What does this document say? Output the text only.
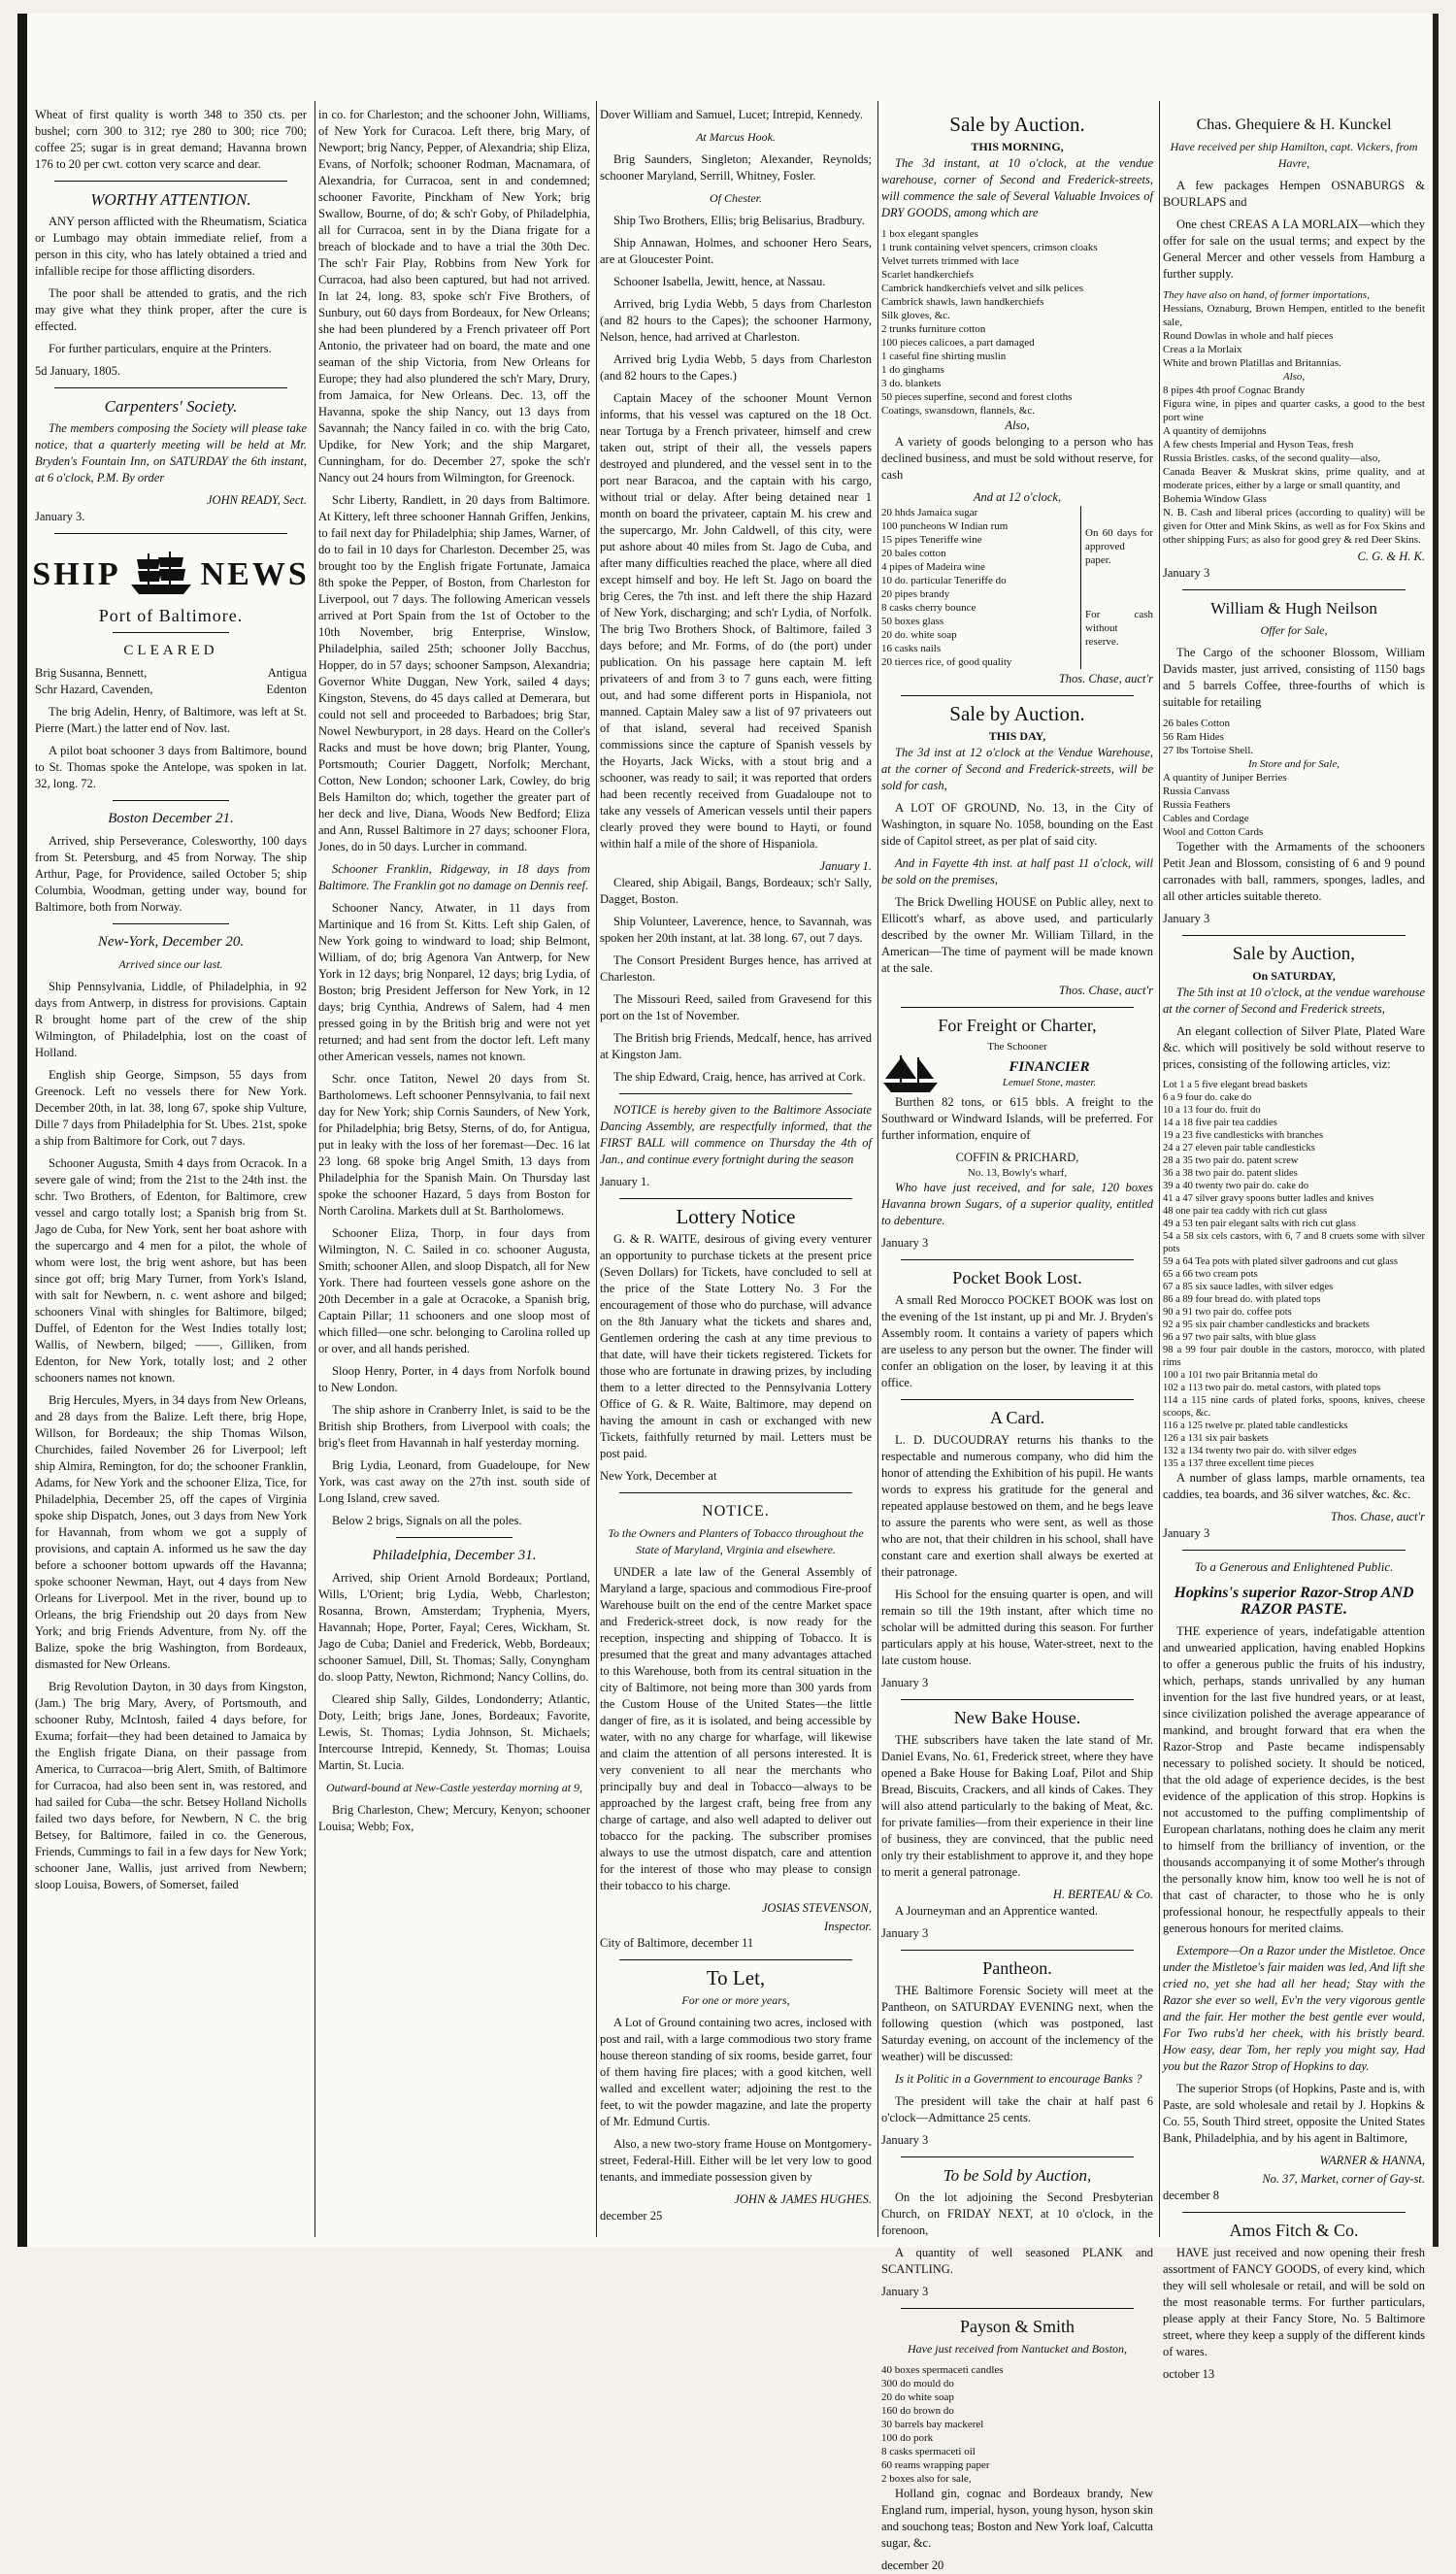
Wheat of first quality is worth 348 to 350 cts. per bushel; corn 300 to 312; rye 280 to 300; rice 700; coffee 25; sugar is in great demand; Havanna brown 176 to 20 per cwt. cotton very scarce and dear.

WORTHY ATTENTION.

ANY person afflicted with the Rheumatism, Sciatica or Lumbago may obtain immediate relief, from a person in this city, who has lately obtained a tried and infallible recipe for those afflicting disorders.

The poor shall be attended to gratis, and the rich may give what they think proper, after the cure is effected.

For further particulars, enquire at the Printers.

5d January, 1805.

Carpenters' Society.

The members composing the Society will please take notice, that a quarterly meeting will be held at Mr. Bryden's Fountain Inn, on SATURDAY the 6th instant, at 6 o'clock, P.M. By order

JOHN READY, Sect.

January 3.

SHIP NEWS
Port of Baltimore.
CLEARED
Brig Susanna, Bennett,	Antigua
Schr Hazard, Cavenden,	Edenton

The brig Adelin, Henry, of Baltimore, was left at St. Pierre (Mart.) the latter end of Nov. last.

A pilot boat schooner 3 days from Baltimore, bound to St. Thomas spoke the Antelope, was spoken in lat. 32, long. 72.

Boston December 21.

Arrived, ship Perseverance, Colesworthy, 100 days from St. Petersburg, and 45 from Norway. The ship Arthur, Page, for Providence, sailed October 5; ship Columbia, Woodman, getting under way, bound for Baltimore, both from Norway.

New-York, December 20.
Arrived since our last.

Ship Pennsylvania, Liddle, of Philadelphia, in 92 days from Antwerp, in distress for provisions. Captain R brought home part of the crew of the ship Wilmington, of Philadelphia, lost on the coast of Holland.

English ship George, Simpson, 55 days from Greenock. Left no vessels there for New York. December 20th, in lat. 38, long 67, spoke ship Vulture, Dille 7 days from Philadelphia for St. Ubes. 21st, spoke a ship from Baltimore for Cork, out 7 days.

Schooner Augusta, Smith 4 days from Ocracok. In a severe gale of wind; from the 21st to the 24th inst. the schr. Two Brothers, of Edenton, for Baltimore, crew vessel and cargo totally lost; a Spanish brig from St. Jago de Cuba, for New York, sent her boat ashore with the supercargo and 4 men for a pilot, the whole of whom were lost, the brig went ashore, but has been since got off; brig Mary Turner, from York's Island, with salt for Newbern, n. c. went ashore and bilged; schooners Vinal with shingles for Baltimore, bilged; Duffel, of Edenton for the West Indies totally lost; Wallis, of Newbern, bilged; ——, Gilliken, from Edenton, for New York, totally lost; and 2 other schooners names not known.

Brig Hercules, Myers, in 34 days from New Orleans, and 28 days from the Balize. Left there, brig Hope, Willson, for Bordeaux; the ship Thomas Wilson, Churchides, failed November 26 for Liverpool; left ship Almira, Remington, for do; the schooner Franklin, Adams, for New York and the schooner Eliza, Tice, for Philadelphia, December 25, off the capes of Virginia spoke ship Dispatch, Jones, out 3 days from New York for Havannah, from whom we got a supply of provisions, and captain A. informed us he saw the day before a schooner bottom upwards off the Havanna; spoke schooner Newman, Hayt, out 4 days from New Orleans for Liverpool. Met in the river, bound up to Orleans, the brig Friendship out 20 days from New York; and brig Friends Adventure, from Ny. off the Balize, spoke the brig Washington, from Bordeaux, dismasted for New Orleans.

Brig Revolution Dayton, in 30 days from Kingston, (Jam.) The brig Mary, Avery, of Portsmouth, and schooner Ruby, McIntosh, failed 4 days before, for Exuma; forfait—they had been detained to Jamaica by the English frigate Diana, on their passage from America, to Curracoa—brig Alert, Smith, of Baltimore for Curracoa, had also been sent in, was restored, and had sailed for Cuba—the schr. Betsey Holland Nicholls failed two days before, for Newbern, N C. the brig Betsey, for Baltimore, failed in co. the Generous, Friends, Cummings to fail in a few days for New York; schooner Jane, Wallis, just arrived from Newbern; sloop Louisa, Bowers, of Somerset, failed

in co. for Charleston; and the schooner John, Williams, of New York for Curacoa. Left there, brig Mary, of Newport; brig Nancy, Pepper, of Alexandria; ship Eliza, Evans, of Norfolk; schooner Rodman, Macnamara, of Alexandria, for Curracoa, sent in and condemned; schooner Favorite, Pinckham of New York; brig Swallow, Bourne, of do; & sch'r Goby, of Philadelphia, all for Curracoa, sent in by the Diana frigate for a breach of blockade and to have a trial the 30th Dec. The sch'r Fair Play, Robbins from New York for Curracoa, had also been captured, but had not arrived. In lat 24, long. 83, spoke sch'r Five Brothers, of Sunbury, out 60 days from Bordeaux, for New Orleans; she had been plundered by a French privateer off Port Antonio, the privateer had on board, the mate and one seaman of the ship Victoria, from New Orleans for Europe; they had also plundered the sch'r Mary, Drury, from Jamaica, for New Orleans. Dec. 13, off the Havanna, spoke the ship Nancy, out 13 days from Savannah; the Nancy failed in co. with the brig Cato, Updike, for New York; and the ship Margaret, Cunningham, for do. December 27, spoke the sch'r Nancy out 24 hours from Wilmington, for Greenock.

Schr Liberty, Randlett, in 20 days from Baltimore. At Kittery, left three schooner Hannah Griffen, Jenkins, to fail next day for Philadelphia; ship James, Warner, of do to fail in 10 days for Charleston. December 25, was brought too by the English frigate Fortunate, Jamaica 8th spoke the Pepper, of Boston, from Charleston for Liverpool, out 7 days. The following American vessels arrived at Port Spain from the 1st of October to the 10th November, brig Enterprise, Winslow, Philadelphia, sailed 25th; schooner Jolly Bacchus, Hopper, do in 57 days; schooner Sampson, Alexandria; Governor White Duggan, New York, sailed 4 days; Kingston, Stevens, do 45 days called at Demerara, but could not sell and proceeded to Barbadoes; brig Star, Nowel Newburyport, in 28 days. Heard on the Coller's Racks and must be hove down; brig Planter, Young, Portsmouth; Courier Daggett, Norfolk; Merchant, Cotton, New London; schooner Lark, Cowley, do brig Bels Hamilton do; which, together the greater part of her deck and live, Diana, Woods New Bedford; Eliza and Ann, Russel Baltimore in 27 days; schooner Flora, Jones, do in 50 days. Lurcher in command.

Schooner Franklin, Ridgeway, in 18 days from Baltimore. The Franklin got no damage on Dennis reef.

Schooner Nancy, Atwater, in 11 days from Martinique and 16 from St. Kitts. Left ship Galen, of New York going to windward to load; ship Belmont, William, of do; brig Agenora Van Antwerp, for New York in 12 days; brig Nonparel, 12 days; brig Lydia, of Boston; brig President Jefferson for New York, in 12 days; brig Cynthia, Andrews of Salem, had 4 men pressed going in by the British brig and were not yet returned; and had sent from the doctor left. Left many other American vessels, names not known.

Schr. once Tatiton, Newel 20 days from St. Bartholomews. Left schooner Pennsylvania, to fail next day for New York; ship Cornis Saunders, of New York, for Philadelphia; brig Betsy, Sterns, of do, for Antigua, put in leaky with the loss of her foremast—Dec. 16 lat 23 long. 68 spoke brig Angel Smith, 13 days from Philadelphia for the Spanish Main. On Thursday last spoke the schooner Hazard, 5 days from Boston for North Carolina. Markets dull at St. Bartholomews.

Schooner Eliza, Thorp, in four days from Wilmington, N. C. Sailed in co. schooner Augusta, Smith; schooner Allen, and sloop Dispatch, all for New York. There had fourteen vessels gone ashore on the 20th December in a gale at Ocracoke, a Spanish brig, Captain Pillar; 11 schooners and one sloop most of which filled—one schr. belonging to Carolina rolled up or over, and all hands perished.

Sloop Henry, Porter, in 4 days from Norfolk bound to New London.

The ship ashore in Cranberry Inlet, is said to be the British ship Brothers, from Liverpool with coals; the brig's fleet from Havannah in half yesterday morning.

Brig Lydia, Leonard, from Guadeloupe, for New York, was cast away on the 27th inst. south side of Long Island, crew saved.

Below 2 brigs, Signals on all the poles.

Philadelphia, December 31.

Arrived, ship Orient Arnold Bordeaux; Portland, Wills, L'Orient; brig Lydia, Webb, Charleston; Rosanna, Brown, Amsterdam; Tryphenia, Myers, Havannah; Hope, Porter, Fayal; Ceres, Wickham, St. Jago de Cuba; Daniel and Frederick, Webb, Bordeaux; schooner Samuel, Dill, St. Thomas; Sally, Conyngham do. sloop Patty, Newton, Richmond; Nancy Collins, do.

Cleared ship Sally, Gildes, Londonderry; Atlantic, Doty, Leith; brigs Jane, Jones, Bordeaux; Favorite, Lewis, St. Thomas; Lydia Johnson, St. Michaels; Intercourse Intrepid, Kennedy, St. Thomas; Louisa Martin, St. Lucia.

Outward-bound at New-Castle yesterday morning at 9,

Brig Charleston, Chew; Mercury, Kenyon; schooner Louisa; Webb; Fox,

Dover William and Samuel, Lucet; Intrepid, Kennedy.

At Marcus Hook.

Brig Saunders, Singleton; Alexander, Reynolds; schooner Maryland, Serrill, Whitney, Fosler.

Of Chester.

Ship Two Brothers, Ellis; brig Belisarius, Bradbury.

Ship Annawan, Holmes, and schooner Hero Sears, are at Gloucester Point.

Schooner Isabella, Jewitt, hence, at Nassau.

Arrived, brig Lydia Webb, 5 days from Charleston (and 82 hours to the Capes); the schooner Harmony, Nelson, hence, had arrived at Charleston.

Arrived brig Lydia Webb, 5 days from Charleston (and 82 hours to the Capes.)

Captain Macey of the schooner Mount Vernon informs, that his vessel was captured on the 18 Oct. near Tortuga by a French privateer, himself and crew taken out, stript of their all, the vessels papers destroyed and plundered, and the vessel sent in to the port near Baracoa, and the captain with his cargo, without trial or delay. After being detained near 1 month on board the privateer, captain M. his crew and the supercargo, Mr. John Caldwell, of this city, were put ashore about 40 miles from St. Jago de Cuba, and after many difficulties reached the place, where all died except himself and boy. He left St. Jago on board the brig Ceres, the 7th inst. and left there the ship Hazard of New York, discharging; and sch'r Lydia, of Norfolk. The brig Two Brothers Shock, of Baltimore, failed 3 days before; and Mr. Forms, of do (the port) under publication. On his passage here captain M. left privateers of and from 3 to 7 guns each, were fitting out, and had some different ports in Hispaniola, not manned. Captain Maley saw a list of 97 privateers out of that island, several had received Spanish commissions since the capture of Spanish vessels by the Hoyarts, Jack Wicks, with a stout brig and a schooner, was ready to sail; it was reported that orders had been recently received from Guadaloupe not to take any vessels of American vessels until their papers clearly proved they were bound to Hayti, or found within half a mile of the shore of Hispaniola.

January 1.

Cleared, ship Abigail, Bangs, Bordeaux; sch'r Sally, Dagget, Boston.

Ship Volunteer, Laverence, hence, to Savannah, was spoken her 20th instant, at lat. 38 long. 67, out 7 days.

The Consort President Burges hence, has arrived at Charleston.

The Missouri Reed, sailed from Gravesend for this port on the 1st of November.

The British brig Friends, Medcalf, hence, has arrived at Kingston Jam.

The ship Edward, Craig, hence, has arrived at Cork.

NOTICE is hereby given to the Baltimore Associate Dancing Assembly, are respectfully informed, that the FIRST BALL will commence on Thursday the 4th of Jan., and continue every fortnight during the season

January 1.

Lottery Notice

G. & R. WAITE, desirous of giving every venturer an opportunity to purchase tickets at the present price (Seven Dollars) for Tickets, have concluded to sell at the price of the State Lottery No. 3 For the encouragement of those who do purchase, will advance on the 8th January what the tickets and shares and, Gentlemen ordering the cash at any time previous to that date, will have their tickets registered. Tickets for those who are fortunate in drawing prizes, by including them to a letter directed to the Pennsylvania Lottery Office of G. & R. Waite, Baltimore, may depend on having the amount in cash or exchanged with new Tickets, faithfully returned by mail. Letters must be post paid.

New York, December at

NOTICE.
To the Owners and Planters of Tobacco throughout the State of Maryland, Virginia and elsewhere.

UNDER a late law of the General Assembly of Maryland a large, spacious and commodious Fire-proof Warehouse built on the end of the centre Market space and Frederick-street dock, is now ready for the reception, inspecting and shipping of Tobacco. It is presumed that the great and many advantages attached to this Warehouse, both from its central situation in the city of Baltimore, not being more than 300 yards from the Custom House of the United States—the little danger of fire, as it is isolated, and being accessible by water, with no any charge for wharfage, will likewise and claim the attention of all persons interested. It is very convenient to all near the merchants who principally buy and deal in Tobacco—always to be approached by the largest craft, being free from any charge of cartage, and also well adapted to deliver out tobacco for the packing. The subscriber promises always to use the utmost dispatch, care and attention for the interest of those who may please to consign their tobacco to his charge.

JOSIAS STEVENSON,
Inspector.

City of Baltimore, december 11

To Let,
For one or more years,

A Lot of Ground containing two acres, inclosed with post and rail, with a large commodious two story frame house thereon standing of six rooms, beside garret, four of them having fire places; with a good kitchen, well walled and excellent water; adjoining the rest to the feet, to wit the powder magazine, and late the property of Mr. Edmund Curtis.

Also, a new two-story frame House on Montgomery-street, Federal-Hill. Either will be let very low to good tenants, and immediate possession given by

JOHN & JAMES HUGHES.

december 25

Sale by Auction.
THIS MORNING,

The 3d instant, at 10 o'clock, at the vendue warehouse, corner of Second and Frederick-streets, will commence the sale of Several Valuable Invoices of DRY GOODS, among which are

1 box elegant spangles
1 trunk containing velvet spencers, crimson cloaks
Velvet turrets trimmed with lace
Scarlet handkerchiefs
Cambrick handkerchiefs velvet and silk pelices
Cambrick shawls, lawn handkerchiefs
Silk gloves, &c.
2 trunks furniture cotton
100 pieces calicoes, a part damaged
1 caseful fine shirting muslin
1 do ginghams
3 do. blankets
50 pieces superfine, second and forest cloths
Coatings, swansdown, flannels, &c.
Also,

A variety of goods belonging to a person who has declined business, and must be sold without reserve, for cash

And at 12 o'clock,
20 hhds Jamaica sugar
100 puncheons W Indian rum
15 pipes Teneriffe wine
20 bales cotton
4 pipes of Madeira wine
10 do. particular Teneriffe do
20 pipes brandy
8 casks cherry bounce
50 boxes glass
20 do. white soap
16 casks nails
20 tierces rice, of good quality
On 60 days for approved paper.
For cash without reserve.
Thos. Chase, auct'r
Sale by Auction.
THIS DAY,

The 3d inst at 12 o'clock at the Vendue Warehouse, at the corner of Second and Frederick-streets, will be sold for cash,

A LOT OF GROUND, No. 13, in the City of Washington, in square No. 1058, bounding on the East side of Capitol street, as per plat of said city.

And in Fayette 4th inst. at half past 11 o'clock, will be sold on the premises,

The Brick Dwelling HOUSE on Public alley, next to Ellicott's wharf, as above used, and particularly described by the owner Mr. William Tillard, in the American—The time of payment will be made known at the sale.

Thos. Chase, auct'r
For Freight or Charter,
The Schooner
FINANCIER
Lemuel Stone, master.

Burthen 82 tons, or 615 bbls. A freight to the Southward or Windward Islands, will be preferred. For further information, enquire of

COFFIN & PRICHARD,
No. 13, Bowly's wharf,

Who have just received, and for sale, 120 boxes Havanna brown Sugars, of a superior quality, entitled to debenture.

January 3

Pocket Book Lost.

A small Red Morocco POCKET BOOK was lost on the evening of the 1st instant, up pi and Mr. J. Bryden's Assembly room. It contains a variety of papers which are useless to any person but the owner. The finder will confer an obligation on the loser, by leaving it at this office.

A Card.

L. D. DUCOUDRAY returns his thanks to the respectable and numerous company, who did him the honor of attending the Exhibition of his pupil. He wants words to express his gratitude for the general and repeated applause bestowed on them, and he begs leave to assure the parents who were sent, as well as those who are not, that their children in his school, shall have constant care and exertion shall always be exerted at their patronage.

His School for the ensuing quarter is open, and will remain so till the 19th instant, after which time no scholar will be admitted during this season. For further particulars apply at his house, Water-street, next to the late custom house.

January 3

New Bake House.

THE subscribers have taken the late stand of Mr. Daniel Evans, No. 61, Frederick street, where they have opened a Bake House for Baking Loaf, Pilot and Ship Bread, Biscuits, Crackers, and all kinds of Cakes. They will also attend particularly to the baking of Meat, &c. for private families—from their experience in their line of business, they are convinced, that the public need only try their establishment to approve it, and they hope to merit a general patronage.

H. BERTEAU & Co.

A Journeyman and an Apprentice wanted.

January 3

Pantheon.

THE Baltimore Forensic Society will meet at the Pantheon, on SATURDAY EVENING next, when the following question (which was postponed, last Saturday evening, on account of the inclemency of the weather) will be discussed:

Is it Politic in a Government to encourage Banks ?

The president will take the chair at half past 6 o'clock—Admittance 25 cents.

January 3

To be Sold by Auction,

On the lot adjoining the Second Presbyterian Church, on FRIDAY NEXT, at 10 o'clock, in the forenoon,

A quantity of well seasoned PLANK and SCANTLING.

January 3

Payson & Smith
Have just received from Nantucket and Boston,
40 boxes spermaceti candles
300 do mould do
20 do white soap
160 do brown do
30 barrels bay mackerel
100 do pork
8 casks spermaceti oil
60 reams wrapping paper
2 boxes also for sale,

Holland gin, cognac and Bordeaux brandy, New England rum, imperial, hyson, young hyson, hyson skin and souchong teas; Boston and New York loaf, Calcutta sugar, &c.

december 20

Chas. Ghequiere & H. Kunckel
Have received per ship Hamilton, capt. Vickers, from Havre,

A few packages Hempen OSNABURGS & BOURLAPS and

One chest CREAS A LA MORLAIX—which they offer for sale on the usual terms; and expect by the General Mercer and other vessels from Hamburg a further supply.

They have also on hand, of former importations,
Hessians, Oznaburg, Brown Hempen, entitled to the benefit sale,
Round Dowlas in whole and half pieces
Creas a la Morlaix
White and brown Platillas and Britannias.
Also,
8 pipes 4th proof Cognac Brandy
Figura wine, in pipes and quarter casks, a good to the best port wine
A quantity of demijohns
A few chests Imperial and Hyson Teas, fresh
Russia Bristles. casks, of the second quality—also,
Canada Beaver & Muskrat skins, prime quality, and at moderate prices, either by a large or small quantity, and
Bohemia Window Glass
N. B. Cash and liberal prices (according to quality) will be given for Otter and Mink Skins, as well as for Fox Skins and other shipping Furs; as also for good grey & red Deer Skins.
C. G. & H. K.

January 3

William & Hugh Neilson
Offer for Sale,

The Cargo of the schooner Blossom, William Davids master, just arrived, consisting of 1150 bags and 5 barrels Coffee, three-fourths of which is suitable for retailing

26 bales Cotton
56 Ram Hides
27 lbs Tortoise Shell.
In Store and for Sale,
A quantity of Juniper Berries
Russia Canvass
Russia Feathers
Cables and Cordage
Wool and Cotton Cards

Together with the Armaments of the schooners Petit Jean and Blossom, consisting of 6 and 9 pound carronades with ball, rammers, sponges, ladles, and all other articles suitable thereto.

January 3

Sale by Auction,
On SATURDAY,

The 5th inst at 10 o'clock, at the vendue warehouse at the corner of Second and Frederick streets,

An elegant collection of Silver Plate, Plated Ware &c. which will positively be sold without reserve to prices, consisting of the following articles, viz:

Lot 1 a 5 five elegant bread baskets
6 a 9 four do. cake do
10 a 13 four do. fruit do
14 a 18 five pair tea caddies
19 a 23 five candlesticks with branches
24 a 27 eleven pair table candlesticks
28 a 35 two pair do. patent screw
36 a 38 two pair do. patent slides
39 a 40 twenty two pair do. cake do
41 a 47 silver gravy spoons butter ladles and knives
48 one pair tea caddy with rich cut glass
49 a 53 ten pair elegant salts with rich cut glass
54 a 58 six cels castors, with 6, 7 and 8 cruets some with silver pots
59 a 64 Tea pots with plated silver gadroons and cut glass
65 a 66 two cream pots
67 a 85 six sauce ladles, with silver edges
86 a 89 four bread do. with plated tops
90 a 91 two pair do. coffee pots
92 a 95 six pair chamber candlesticks and brackets
96 a 97 two pair salts, with blue glass
98 a 99 four pair double in the castors, morocco, with plated rims
100 a 101 two pair Britannia metal do
102 a 113 two pair do. metal castors, with plated tops
114 a 115 nine cards of plated forks, spoons, knives, cheese scoops, &c.
116 a 125 twelve pr. plated table candlesticks
126 a 131 six pair baskets
132 a 134 twenty two pair do. with silver edges
135 a 137 three excellent time pieces

A number of glass lamps, marble ornaments, tea caddies, tea boards, and 36 silver watches, &c. &c.

Thos. Chase, auct'r

January 3

To a Generous and Enlightened Public.
Hopkins's superior Razor-Strop AND RAZOR PASTE.

THE experience of years, indefatigable attention and unwearied application, having enabled Hopkins to offer a generous public the fruits of his industry, which, perhaps, stands unrivalled by any human invention for the last five hundred years, or at least, since civilization polished the average appearance of mankind, and brought forward that era when the Razor-Strop and Paste became indispensably necessary to polished society. It should be noticed, that the old adage of experience decides, is the best evidence of the application of this strop. Hopkins is not accustomed to the puffing complimentship of European charlatans, nothing does he claim any merit to himself from the brilliancy of invention, or the thousands accompanying it of some Mother's through the personally know him, know too well he is not of that cast of character, to those who he is only professional honour, he respectfully appeals to their generous honours for merited claims.

Extempore—On a Razor under the Mistletoe. Once under the Mistletoe's fair maiden was led, And lift she cried no, yet she had all her head; Stay with the Razor she ever so well, Ev'n the very vigorous gentle and the fair. Her mother the best gentle ever would, For Two rubs'd her cheek, with his bristly beard. How easy, dear Tom, her reply you might say, Had you but the Razor Strop of Hopkins to day.

The superior Strops (of Hopkins, Paste and is, with Paste, are sold wholesale and retail by J. Hopkins & Co. 55, South Third street, opposite the United States Bank, Philadelphia, and by his agent in Baltimore,

WARNER & HANNA,
No. 37, Market, corner of Gay-st.

december 8

Amos Fitch & Co.

HAVE just received and now opening their fresh assortment of FANCY GOODS, of every kind, which they will sell wholesale or retail, and will be sold on the most reasonable terms. For further particulars, please apply at their Fancy Store, No. 5 Baltimore street, where they keep a supply of the different kinds of wares.

october 13
